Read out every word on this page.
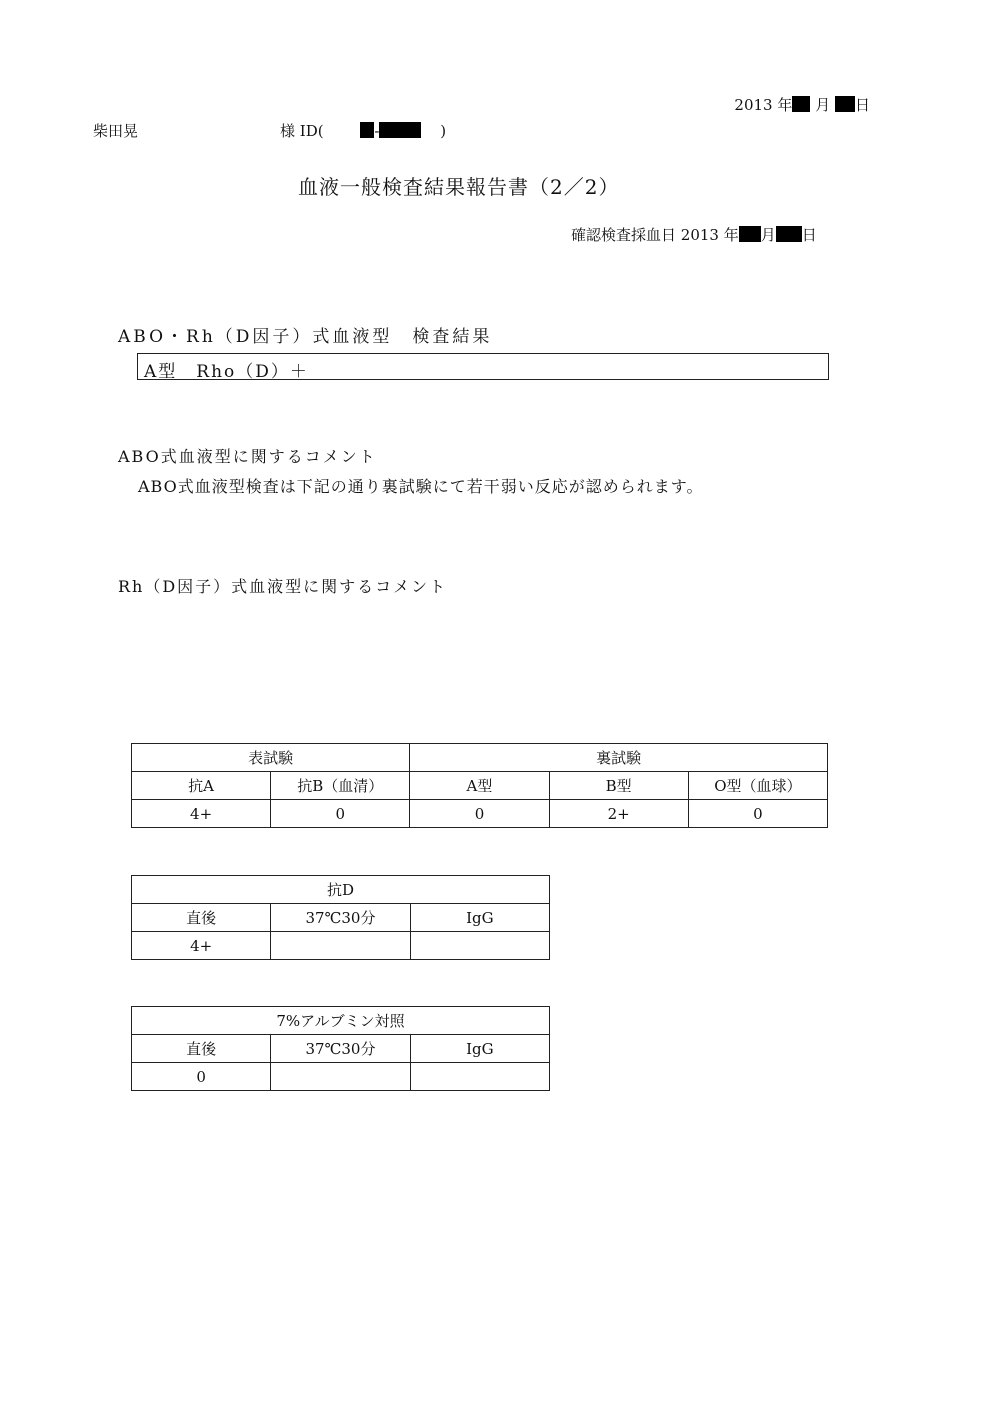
2013 年 月 日
柴田晃	様 ID(	-	)
血液一般検査結果報告書（2／2）
確認検査採血日 2013 年 月 日
ABO・Rh（D因子）式血液型　検査結果
A型　Rho（D）＋
ABO式血液型に関するコメント
ABO式血液型検査は下記の通り裏試験にて若干弱い反応が認められます。
Rh（D因子）式血液型に関するコメント
表試験		裏試験		
抗A	抗B（血清）	A型	B型	O型（血球）
4+	0	0	2+	0
抗D		
直後	37℃30分	IgG
4+		
7%アルブミン対照		
直後	37℃30分	IgG
0		
